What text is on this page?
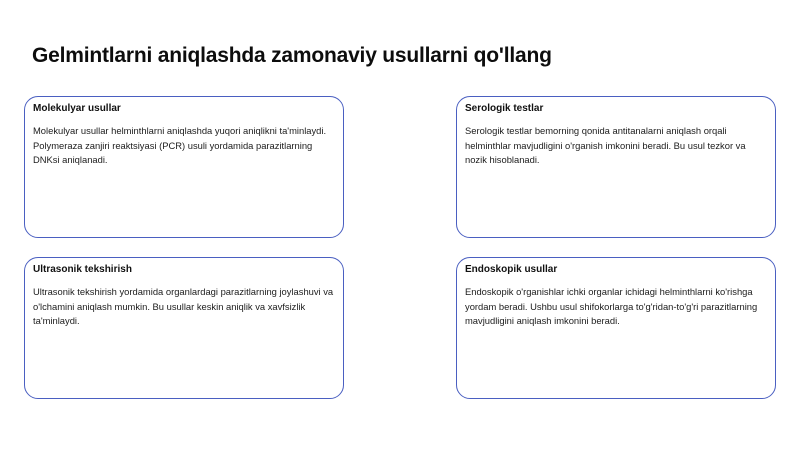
Gelmintlarni aniqlashda zamonaviy usullarni qo'llang

Molekulyar usullar

Molekulyar usullar helminthlarni aniqlashda yuqori aniqlikni ta'minlaydi. Polymeraza zanjiri reaktsiyasi (PCR) usuli yordamida parazitlarning DNKsi aniqlanadi.

Serologik testlar

Serologik testlar bemorning qonida antitanalarni aniqlash orqali helminthlar mavjudligini o'rganish imkonini beradi. Bu usul tezkor va nozik hisoblanadi.

Ultrasonik tekshirish

Ultrasonik tekshirish yordamida organlardagi parazitlarning joylashuvi va o'lchamini aniqlash mumkin. Bu usullar keskin aniqlik va xavfsizlik ta'minlaydi.

Endoskopik usullar

Endoskopik o'rganishlar ichki organlar ichidagi helminthlarni ko'rishga yordam beradi. Ushbu usul shifokorlarga to'g'ridan-to'g'ri parazitlarning mavjudligini aniqlash imkonini beradi.
